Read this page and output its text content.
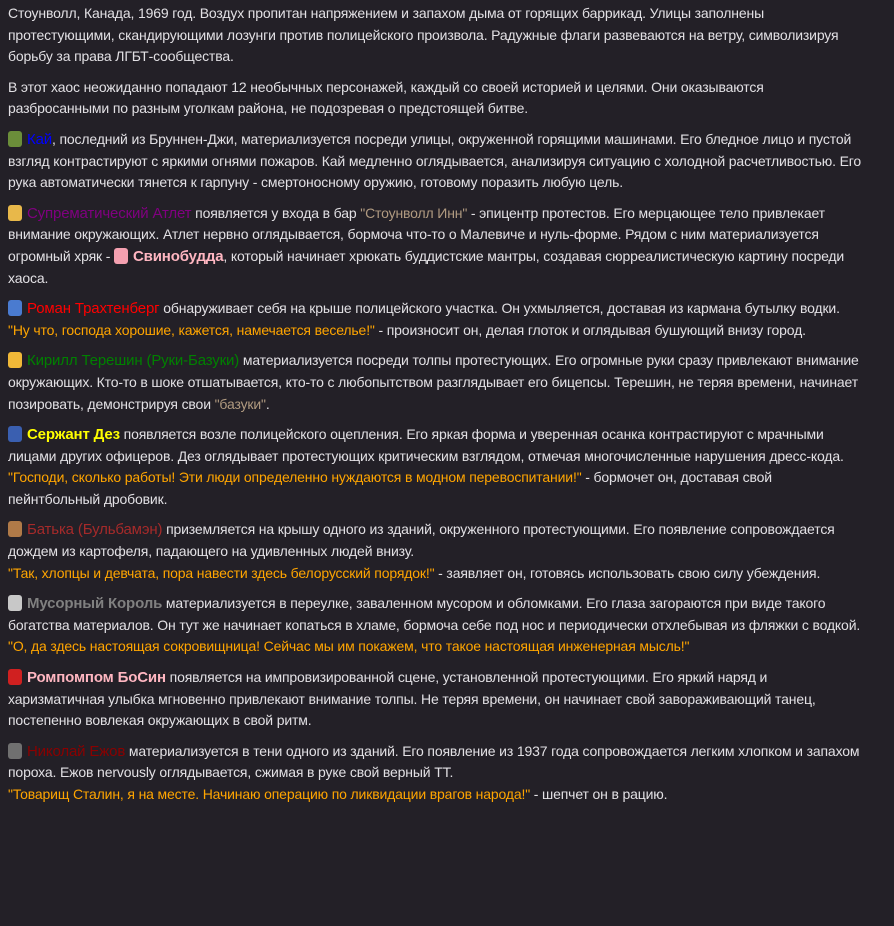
Стоунволл, Канада, 1969 год. Воздух пропитан напряжением и запахом дыма от горящих баррикад. Улицы заполнены протестующими, скандирующими лозунги против полицейского произвола. Радужные флаги развеваются на ветру, символизируя борьбу за права ЛГБТ-сообщества.

В этот хаос неожиданно попадают 12 необычных персонажей, каждый со своей историей и целями. Они оказываются разбросанными по разным уголкам района, не подозревая о предстоящей битве.

Кай, последний из Бруннен-Джи, материализуется посреди улицы, окруженной горящими машинами. Его бледное лицо и пустой взгляд контрастируют с яркими огнями пожаров. Кай медленно оглядывается, анализируя ситуацию с холодной расчетливостью. Его рука автоматически тянется к гарпуну - смертоносному оружию, готовому поразить любую цель.

Супрематический Атлет появляется у входа в бар "Стоунволл Инн" - эпицентр протестов. Его мерцающее тело привлекает внимание окружающих. Атлет нервно оглядывается, бормоча что-то о Малевиче и нуль-форме. Рядом с ним материализуется огромный хряк - Свинобудда, который начинает хрюкать буддистские мантры, создавая сюрреалистическую картину посреди хаоса.

Роман Трахтенберг обнаруживает себя на крыше полицейского участка. Он ухмыляется, доставая из кармана бутылку водки.
"Ну что, господа хорошие, кажется, намечается веселье!" - произносит он, делая глоток и оглядывая бушующий внизу город.

Кирилл Терешин (Руки-Базуки) материализуется посреди толпы протестующих. Его огромные руки сразу привлекают внимание окружающих. Кто-то в шоке отшатывается, кто-то с любопытством разглядывает его бицепсы. Терешин, не теряя времени, начинает позировать, демонстрируя свои "базуки".

Сержант Дез появляется возле полицейского оцепления. Его яркая форма и уверенная осанка контрастируют с мрачными лицами других офицеров. Дез оглядывает протестующих критическим взглядом, отмечая многочисленные нарушения дресс-кода.
"Господи, сколько работы! Эти люди определенно нуждаются в модном перевоспитании!" - бормочет он, доставая свой пейнтбольный дробовик.

Батька (Бульбамэн) приземляется на крышу одного из зданий, окруженного протестующими. Его появление сопровождается дождем из картофеля, падающего на удивленных людей внизу.
"Так, хлопцы и девчата, пора навести здесь белорусский порядок!" - заявляет он, готовясь использовать свою силу убеждения.

Мусорный Король материализуется в переулке, заваленном мусором и обломками. Его глаза загораются при виде такого богатства материалов. Он тут же начинает копаться в хламе, бормоча себе под нос и периодически отхлебывая из фляжки с водкой.
"О, да здесь настоящая сокровищница! Сейчас мы им покажем, что такое настоящая инженерная мысль!"

Ромпомпом БоСин появляется на импровизированной сцене, установленной протестующими. Его яркий наряд и харизматичная улыбка мгновенно привлекают внимание толпы. Не теряя времени, он начинает свой завораживающий танец, постепенно вовлекая окружающих в свой ритм.

Николай Ежов материализуется в тени одного из зданий. Его появление из 1937 года сопровождается легким хлопком и запахом пороха. Ежов nervously оглядывается, сжимая в руке свой верный ТТ.
"Товарищ Сталин, я на месте. Начинаю операцию по ликвидации врагов народа!" - шепчет он в рацию.
